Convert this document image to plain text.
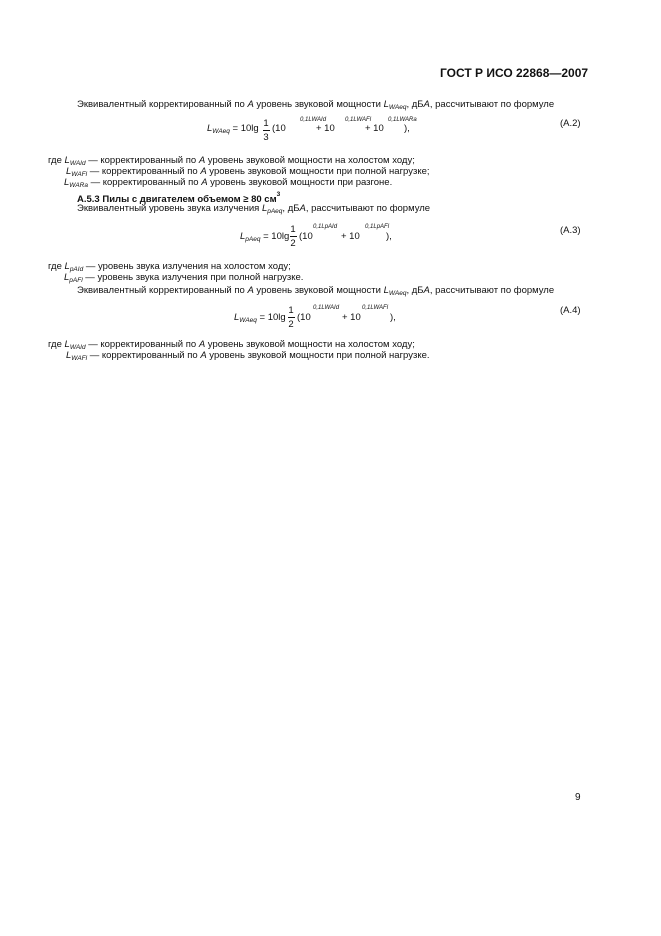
ГОСТ Р ИСО 22868—2007
Эквивалентный корректированный по А уровень звуковой мощности $L_{WAeq}$, дБА, рассчитывают по формуле
$L_{WAeq} = 10\lg$ 1
3
(10
0,1LWAId
+ 10
0,1LWAFl
+ 10
0,1LWARa
),	(A.2)
где $L_{WAId}$ — корректированный по А уровень звуковой мощности на холостом ходу;
$L_{WAFl}$ — корректированный по А уровень звуковой мощности при полной нагрузке;
$L_{WARa}$ — корректированный по А уровень звуковой мощности при разгоне.
А.5.3 Пилы с двигателем объемом ≥ 80 $см^3$
Эквивалентный уровень звука излучения $L_{pAeq}$, дБА, рассчитывают по формуле
$L_{pAeq} = 10\lg$
1
2
(10
0,1LpAId
+ 10
0,1LpAFl
),
(A.3)
где $L_{pAId}$ — уровень звука излучения на холостом ходу;
$L_{pAFl}$ — уровень звука излучения при полной нагрузке.
Эквивалентный корректированный по А уровень звуковой мощности $L_{WAeq}$, дБА, рассчитывают по формуле
$L_{WAeq} = 10\lg$
1
2
(10
0,1LWAId
+ 10
0,1LWAFl
),
(A.4)
где $L_{WAId}$ — корректированный по А уровень звуковой мощности на холостом ходу;
$L_{WAFl}$ — корректированный по А уровень звуковой мощности при полной нагрузке.
9
